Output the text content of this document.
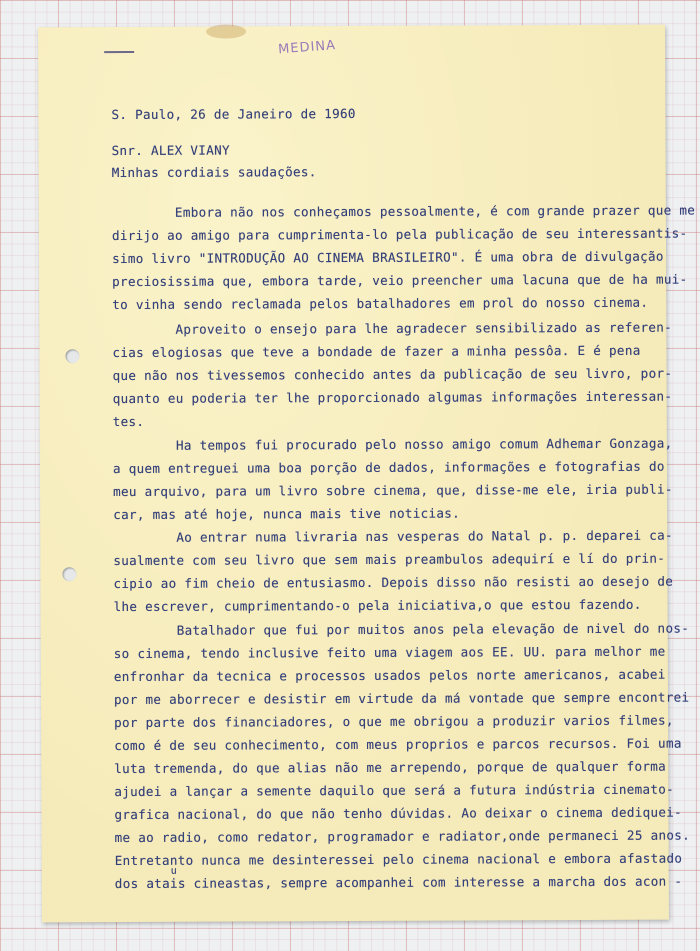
MEDINA
S. Paulo, 26 de Janeiro de 1960
Snr. ALEX VIANY
Minhas cordiais saudações.
Embora não nos conheçamos pessoalmente, é com grande prazer que me
dirijo ao amigo para cumprimenta-lo pela publicação de seu interessantis-
simo livro "INTRODUÇÃO AO CINEMA BRASILEIRO". É uma obra de divulgação
preciosissima que, embora tarde, veio preencher uma lacuna que de ha mui-
to vinha sendo reclamada pelos batalhadores em prol do nosso cinema.
Aproveito o ensejo para lhe agradecer sensibilizado as referen-
cias elogiosas que teve a bondade de fazer a minha pessôa. E é pena
que não nos tivessemos conhecido antes da publicação de seu livro, por-
quanto eu poderia ter lhe proporcionado algumas informações interessan-
tes.
Ha tempos fui procurado pelo nosso amigo comum Adhemar Gonzaga,
a quem entreguei uma boa porção de dados, informações e fotografias do
meu arquivo, para um livro sobre cinema, que, disse-me ele, iria publi-
car, mas até hoje, nunca mais tive noticias.
Ao entrar numa livraria nas vesperas do Natal p. p. deparei ca-
sualmente com seu livro que sem mais preambulos adequirí e lí do prin-
cipio ao fim cheio de entusiasmo. Depois disso não resisti ao desejo de
lhe escrever, cumprimentando-o pela iniciativa,o que estou fazendo.
Batalhador que fui por muitos anos pela elevação de nivel do nos-
so cinema, tendo inclusive feito uma viagem aos EE. UU. para melhor me
enfronhar da tecnica e processos usados pelos norte americanos, acabei
por me aborrecer e desistir em virtude da má vontade que sempre encontrei
por parte dos financiadores, o que me obrigou a produzir varios filmes,
como é de seu conhecimento, com meus proprios e parcos recursos. Foi uma
luta tremenda, do que alias não me arrependo, porque de qualquer forma
ajudei a lançar a semente daquilo que será a futura indústria cinemato-
grafica nacional, do que não tenho dúvidas. Ao deixar o cinema dediquei-
me ao radio, como redator, programador e radiator,onde permaneci 25 anos.
Entretanto nunca me desinteressei pelo cinema nacional e embora afastado
dos atais cineastas, sempre acompanhei com interesse a marcha dos acon -
u
